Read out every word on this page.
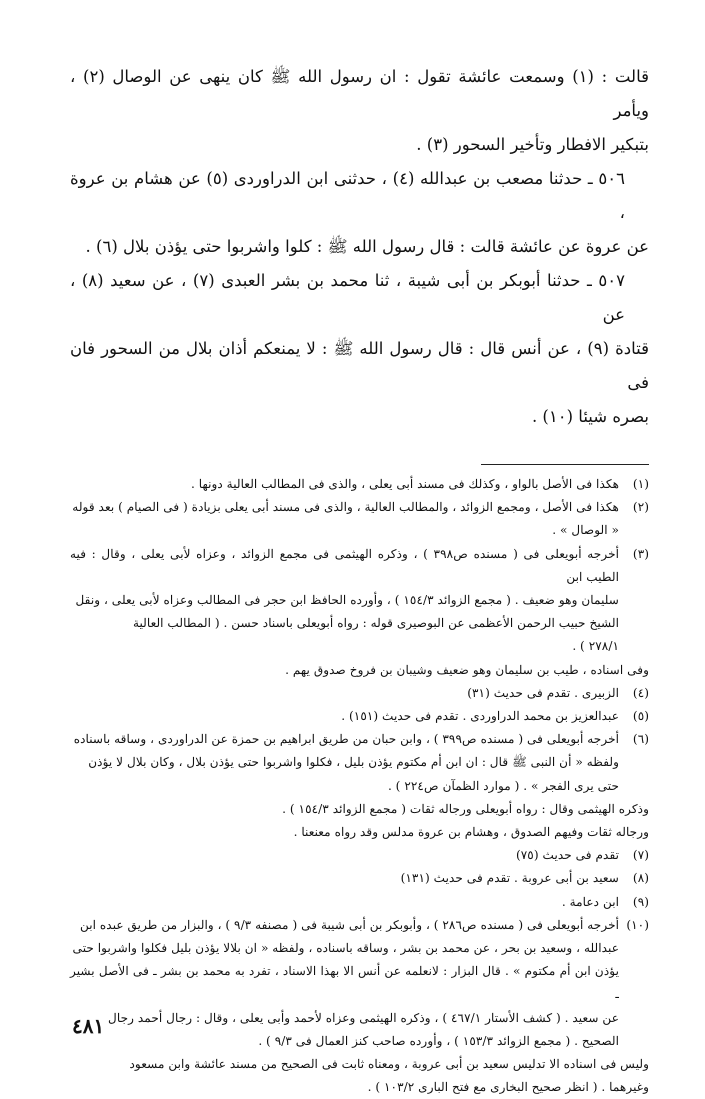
قالت : (١) وسمعت عائشة تقول : ان رسول الله ﷺ كان ينهى عن الوصال (٢) ، ويأمر

بتبكير الافطار وتأخير السحور (٣) .

٥٠٦ ـ حدثنا مصعب بن عبدالله (٤) ، حدثنى ابن الدراوردى (٥) عن هشام بن عروة ،

عن عروة عن عائشة قالت : قال رسول الله ﷺ : كلوا واشربوا حتى يؤذن بلال (٦) .

٥٠٧ ـ حدثنا أبوبكر بن أبى شيبة ، ثنا محمد بن بشر العبدى (٧) ، عن سعيد (٨) ، عن

قتادة (٩) ، عن أنس قال : قال رسول الله ﷺ : لا يمنعكم أذان بلال من السحور فان فى

بصره شيئا (١٠) .

(١)
هكذا فى الأصل بالواو ، وكذلك فى مسند أبى يعلى ، والذى فى المطالب العالية دونها .
(٢)
هكذا فى الأصل ، ومجمع الزوائد ، والمطالب العالية ، والذى فى مسند أبى يعلى بزيادة ( فى الصيام ) بعد قوله
« الوصال » .
(٣)
أخرجه أبويعلى فى ( مسنده ص٣٩٨ ) ، وذكره الهيثمى فى مجمع الزوائد ، وعزاه لأبى يعلى ، وقال : فيه الطيب ابن
سليمان وهو ضعيف . ( مجمع الزوائد ١٥٤/٣ ) ، وأورده الحافظ ابن حجر فى المطالب وعزاه لأبى يعلى ، ونقل
الشيخ حبيب الرحمن الأعظمى عن البوصيرى قوله : رواه أبويعلى باسناد حسن . ( المطالب العالية
٢٧٨/١ ) .
وفى اسناده ، طيب بن سليمان وهو ضعيف وشيبان بن فروخ صدوق يهم .
(٤)
الزبيرى . تقدم فى حديث (٣١)
(٥)
عبدالعزيز بن محمد الدراوردى . تقدم فى حديث (١٥١) .
(٦)
أخرجه أبويعلى فى ( مسنده ص٣٩٩ ) ، وابن حبان من طريق ابراهيم بن حمزة عن الدراوردى ، وساقه باسناده
ولفظه « أن النبى ﷺ قال : ان ابن أم مكتوم يؤذن بليل ، فكلوا واشربوا حتى يؤذن بلال ، وكان بلال لا يؤذن
حتى يرى الفجر » . ( موارد الظمآن ص٢٢٤ ) .
وذكره الهيثمى وقال : رواه أبويعلى ورجاله ثقات ( مجمع الزوائد ١٥٤/٣ ) .
ورجاله ثقات وفيهم الصدوق ، وهشام بن عروة مدلس وقد رواه معنعنا .
(٧)
تقدم فى حديث (٧٥)
(٨)
سعيد بن أبى عروبة . تقدم فى حديث (١٣١)
(٩)
ابن دعامة .
(١٠)
أخرجه أبويعلى فى ( مسنده ص٢٨٦ ) ، وأبوبكر بن أبى شيبة فى ( مصنفه ٩/٣ ) ، والبزار من طريق عبده ابن
عبدالله ، وسعيد بن بحر ، عن محمد بن بشر ، وساقه باسناده ، ولفظه « ان بلالا يؤذن بليل فكلوا واشربوا حتى
يؤذن ابن أم مكتوم » . قال البزار : لانعلمه عن أنس الا بهذا الاسناد ، تفرد به محمد بن بشر ـ فى الأصل بشير ـ
عن سعيد . ( كشف الأستار ٤٦٧/١ ) ، وذكره الهيثمى وعزاه لأحمد وأبى يعلى ، وقال : رجال أحمد رجال
الصحيح . ( مجمع الزوائد ١٥٣/٣ ) ، وأورده صاحب كنز العمال فى ٩/٣ ) .
وليس فى اسناده الا تدليس سعيد بن أبى عروبة ، ومعناه ثابت فى الصحيح من مسند عائشة وابن مسعود
وغيرهما . ( انظر صحيح البخارى مع فتح البارى ١٠٣/٢ ) .
٤٨١
